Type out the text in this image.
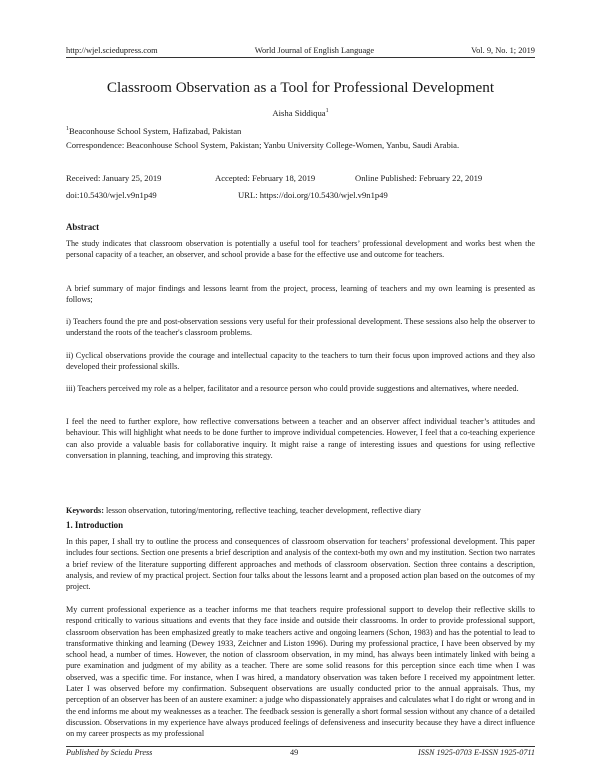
http://wjel.sciedupress.com	World Journal of English Language	Vol. 9, No. 1; 2019
Classroom Observation as a Tool for Professional Development
Aisha Siddiqua$^1$
$^1$Beaconhouse School System, Hafizabad, Pakistan
Correspondence: Beaconhouse School System, Pakistan; Yanbu University College-Women, Yanbu, Saudi Arabia.
Received: January 25, 2019	Accepted: February 18, 2019	Online Published: February 22, 2019
doi:10.5430/wjel.v9n1p49	URL: https://doi.org/10.5430/wjel.v9n1p49
Abstract

The study indicates that classroom observation is potentially a useful tool for teachers’ professional development and works best when the personal capacity of a teacher, an observer, and school provide a base for the effective use and outcome for teachers.

A brief summary of major findings and lessons learnt from the project, process, learning of teachers and my own learning is presented as follows;

i) Teachers found the pre and post-observation sessions very useful for their professional development. These sessions also help the observer to understand the roots of the teacher's classroom problems.

ii) Cyclical observations provide the courage and intellectual capacity to the teachers to turn their focus upon improved actions and they also developed their professional skills.

iii) Teachers perceived my role as a helper, facilitator and a resource person who could provide suggestions and alternatives, where needed.

I feel the need to further explore, how reflective conversations between a teacher and an observer affect individual teacher’s attitudes and behaviour. This will highlight what needs to be done further to improve individual competencies. However, I feel that a co-teaching experience can also provide a valuable basis for collaborative inquiry. It might raise a range of interesting issues and questions for using reflective conversation in planning, teaching, and improving this strategy.

Keywords: lesson observation, tutoring/mentoring, reflective teaching, teacher development, reflective diary
1. Introduction

In this paper, I shall try to outline the process and consequences of classroom observation for teachers’ professional development. This paper includes four sections. Section one presents a brief description and analysis of the context-both my own and my institution. Section two narrates a brief review of the literature supporting different approaches and methods of classroom observation. Section three contains a description, analysis, and review of my practical project. Section four talks about the lessons learnt and a proposed action plan based on the outcomes of my project.

My current professional experience as a teacher informs me that teachers require professional support to develop their reflective skills to respond critically to various situations and events that they face inside and outside their classrooms. In order to provide professional support, classroom observation has been emphasized greatly to make teachers active and ongoing learners (Schon, 1983) and has the potential to lead to transformative thinking and learning (Dewey 1933, Zeichner and Liston 1996). During my professional practice, I have been observed by my school head, a number of times. However, the notion of classroom observation, in my mind, has always been intimately linked with being a pure examination and judgment of my ability as a teacher. There are some solid reasons for this perception since each time when I was observed, was a specific time. For instance, when I was hired, a mandatory observation was taken before I received my appointment letter. Later I was observed before my confirmation. Subsequent observations are usually conducted prior to the annual appraisals. Thus, my perception of an observer has been of an austere examiner: a judge who dispassionately appraises and calculates what I do right or wrong and in the end informs me about my weaknesses as a teacher. The feedback session is generally a short formal session without any chance of a detailed discussion. Observations in my experience have always produced feelings of defensiveness and insecurity because they have a direct influence on my career prospects as my professional

Published by Sciedu Press	49	ISSN 1925-0703 E-ISSN 1925-0711
